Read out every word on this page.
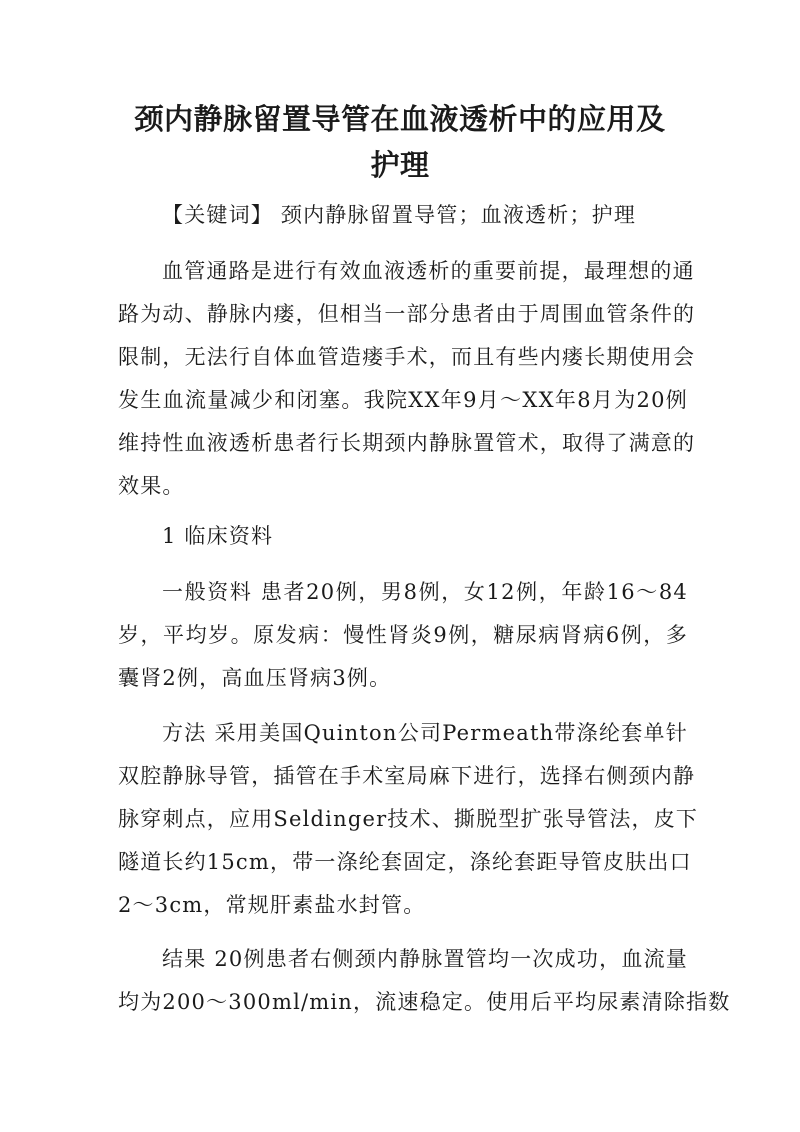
颈内静脉留置导管在血液透析中的应用及
护理
【关键词】 颈内静脉留置导管；血液透析；护理
血管通路是进行有效血液透析的重要前提，最理想的通
路为动、静脉内瘘，但相当一部分患者由于周围血管条件的
限制，无法行自体血管造瘘手术，而且有些内瘘长期使用会
发生血流量减少和闭塞。我院XX年9月～XX年8月为20例
维持性血液透析患者行长期颈内静脉置管术，取得了满意的
效果。
1 临床资料
一般资料 患者20例，男8例，女12例，年龄16～84
岁，平均岁。原发病：慢性肾炎9例，糖尿病肾病6例，多
囊肾2例，高血压肾病3例。
方法 采用美国Quinton公司Permeath带涤纶套单针
双腔静脉导管，插管在手术室局麻下进行，选择右侧颈内静
脉穿刺点，应用Seldinger技术、撕脱型扩张导管法，皮下
隧道长约15cm，带一涤纶套固定，涤纶套距导管皮肤出口
2～3cm，常规肝素盐水封管。
结果 20例患者右侧颈内静脉置管均一次成功，血流量
均为200～300ml/min，流速稳定。使用后平均尿素清除指数
